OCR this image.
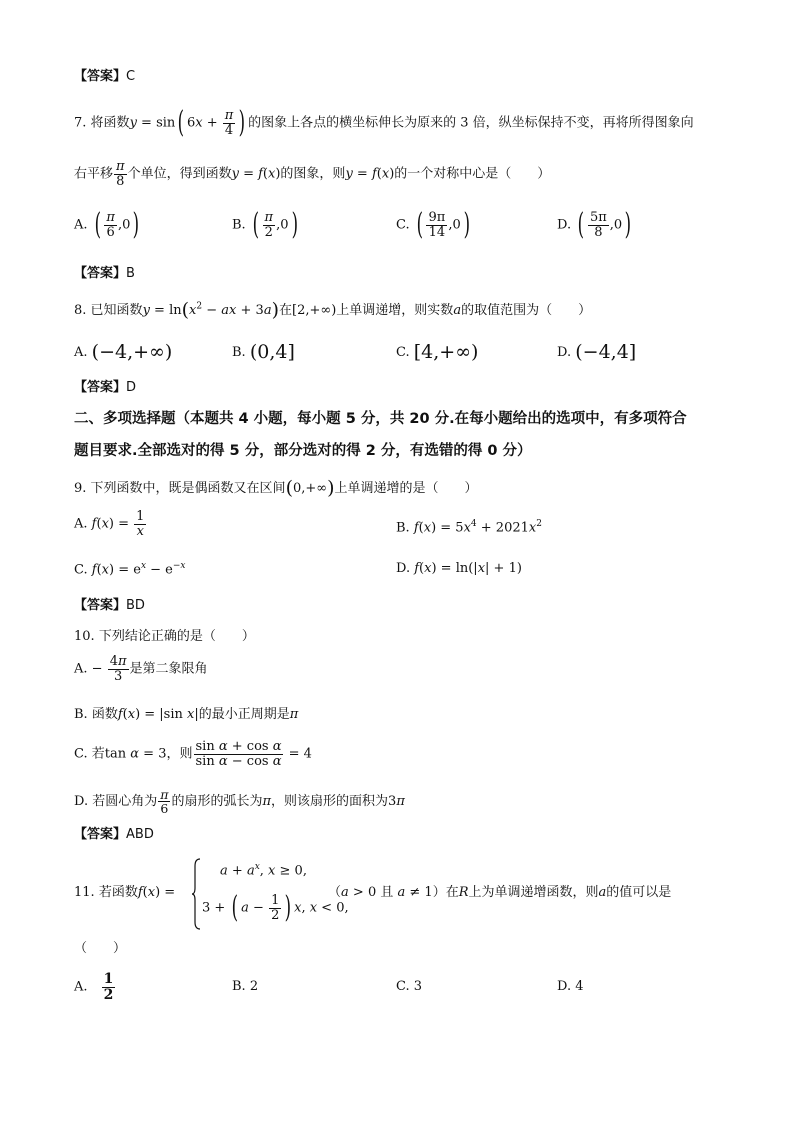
【答案】C
7. 将函数y = sin( $6x + \frac{\pi}{4}$ ) 的图象上各点的横坐标伸长为原来的 3 倍，纵坐标保持不变，再将所得图象向
右平移 $\frac{\pi}{8}$ 个单位，得到函数y = f(x)的图象，则y = f(x)的一个对称中心是（　　）
A. ( $\frac{\pi}{6} ,0$)	B. ( $\frac{\pi}{2} ,0$)	C. ( $\frac{9\pi}{14} ,0$)	D. ( $\frac{5\pi}{8} ,0$)
【答案】B
8. 已知函数$y = \ln(x^2$ − ax + 3a)在[2,+∞)上单调递增，则实数a的取值范围为（　　）
A. (−4,+∞)	B. (0,4]	C. [4,+∞)	D. (−4,4]
【答案】D
二、多项选择题（本题共 4 小题，每小题 5 分，共 20 分.在每小题给出的选项中，有多项符合
题目要求.全部选对的得 5 分，部分选对的得 2 分，有选错的得 0 分）
9. 下列函数中，既是偶函数又在区间(0,+∞)上单调递增的是（　　）
A. $f(x) = \frac{1}{x}$	B. $f(x) = 5x^4 + 2021x^2$
C. $f(x) = e^x - e^{-x}$	D. f(x) = ln(|x| + 1)
【答案】BD
10. 下列结论正确的是（　　）
A. − $\frac{4\pi}{3}$ 是第二象限角
B. 函数f(x) = |sin x|的最小正周期是π
C. 若tan α = 3，则 $\frac{\text{sin α + cos α}}{\text{sin α − cos α}} = 4$
D. 若圆心角为 $\frac{\pi}{6}$ 的扇形的弧长为π，则该扇形的面积为3π
【答案】ABD
11. 若函数f(x) =
$a + a^x$, x ≥ 0,
3 + ( $a - \frac{1}{2}$ ) x, x < 0,
（a > 0 且 a ≠ 1）在R上为单调递增函数，则a的值可以是
（　　）
A. $\frac{1}{2}$	B. 2	C. 3	D. 4
